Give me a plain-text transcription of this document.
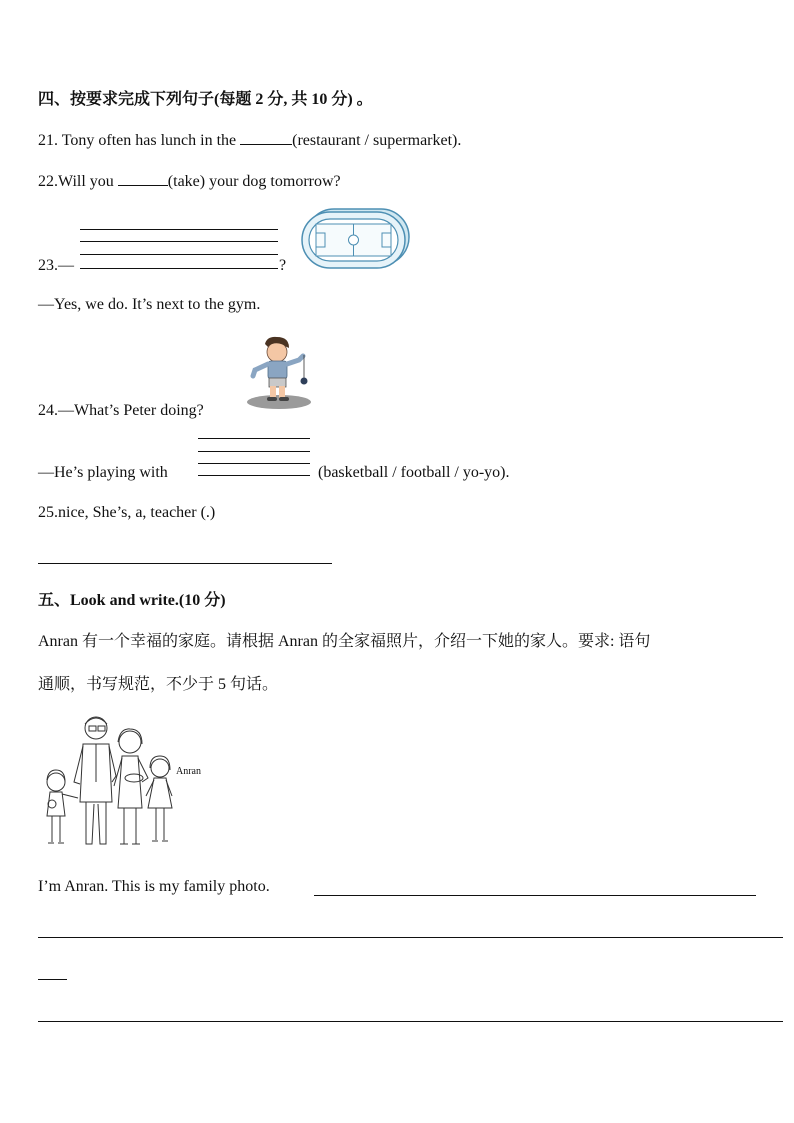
四、按要求完成下列句子(每题 2 分, 共 10 分) 。
21. Tony often has lunch in the	(restaurant / supermarket).
22.Will you	(take) your dog tomorrow?
23.—	?
—Yes, we do. It’s next to the gym.
24.—What’s Peter doing?
—He’s playing with	(basketball / football / yo-yo).
25.nice, She’s, a, teacher (.)
五、Look and write.(10 分)
Anran 有一个幸福的家庭。请根据 Anran 的全家福照片，介绍一下她的家人。要求: 语句
通顺，书写规范，不少于 5 句话。
Anran
I’m Anran. This is my family photo.
